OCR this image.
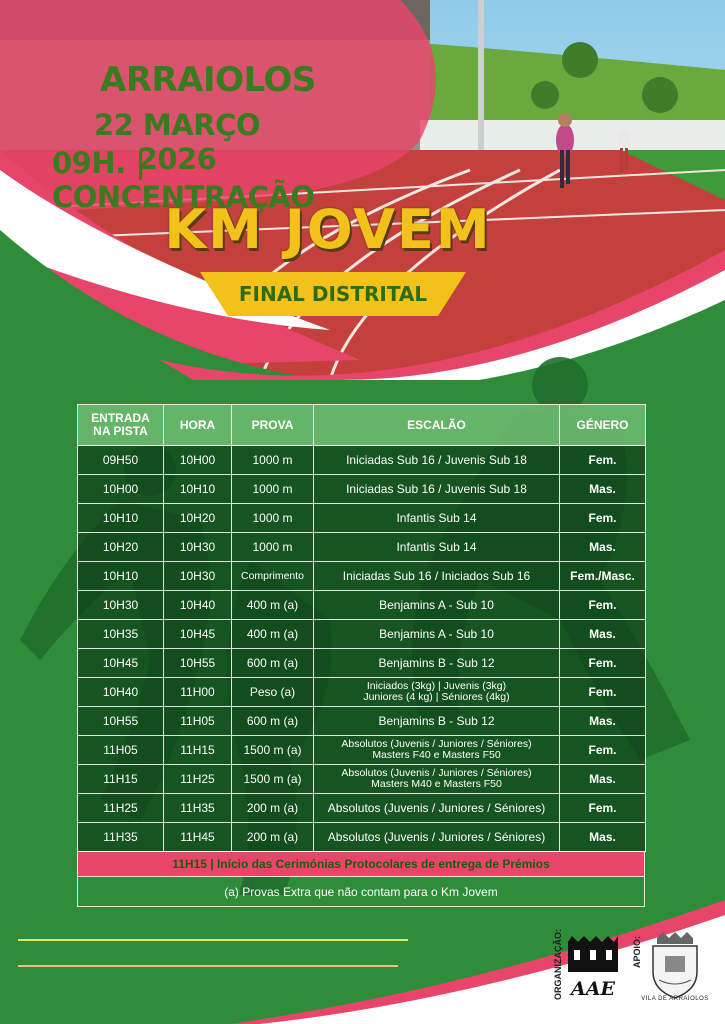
ARRAIOLOS
22 MARÇO 2026
09H. | CONCENTRAÇÃO
KM JOVEM
FINAL DISTRITAL
ENTRADA
NA PISTA	HORA	PROVA	ESCALÃO	GÉNERO
09H50	10H00	1000 m	Iniciadas Sub 16 / Juvenis Sub 18	Fem.
10H00	10H10	1000 m	Iniciadas Sub 16 / Juvenis Sub 18	Mas.
10H10	10H20	1000 m	Infantis Sub 14	Fem.
10H20	10H30	1000 m	Infantis Sub 14	Mas.
10H10	10H30	Comprimento	Iniciadas Sub 16 / Iniciados Sub 16	Fem./Masc.
10H30	10H40	400 m (a)	Benjamins A - Sub 10	Fem.
10H35	10H45	400 m (a)	Benjamins A - Sub 10	Mas.
10H45	10H55	600 m (a)	Benjamins B - Sub 12	Fem.
10H40	11H00	Peso (a)	Iniciados (3kg) | Juvenis (3kg)
Juniores (4 kg) | Séniores (4kg)	Fem.
10H55	11H05	600 m (a)	Benjamins B - Sub 12	Mas.
11H05	11H15	1500 m (a)	Absolutos (Juvenis / Juniores / Séniores)
Masters F40 e Masters F50	Fem.
11H15	11H25	1500 m (a)	Absolutos (Juvenis / Juniores / Séniores)
Masters M40 e Masters F50	Mas.
11H25	11H35	200 m (a)	Absolutos (Juvenis / Juniores / Séniores)	Fem.
11H35	11H45	200 m (a)	Absolutos (Juvenis / Juniores / Séniores)	Mas.
11H15 | Início das Cerimónias Protocolares de entrega de Prémios
(a) Provas Extra que não contam para o Km Jovem
ORGANIZAÇÃO: AAE
APOIO:
VILA DE ARRAIOLOS
